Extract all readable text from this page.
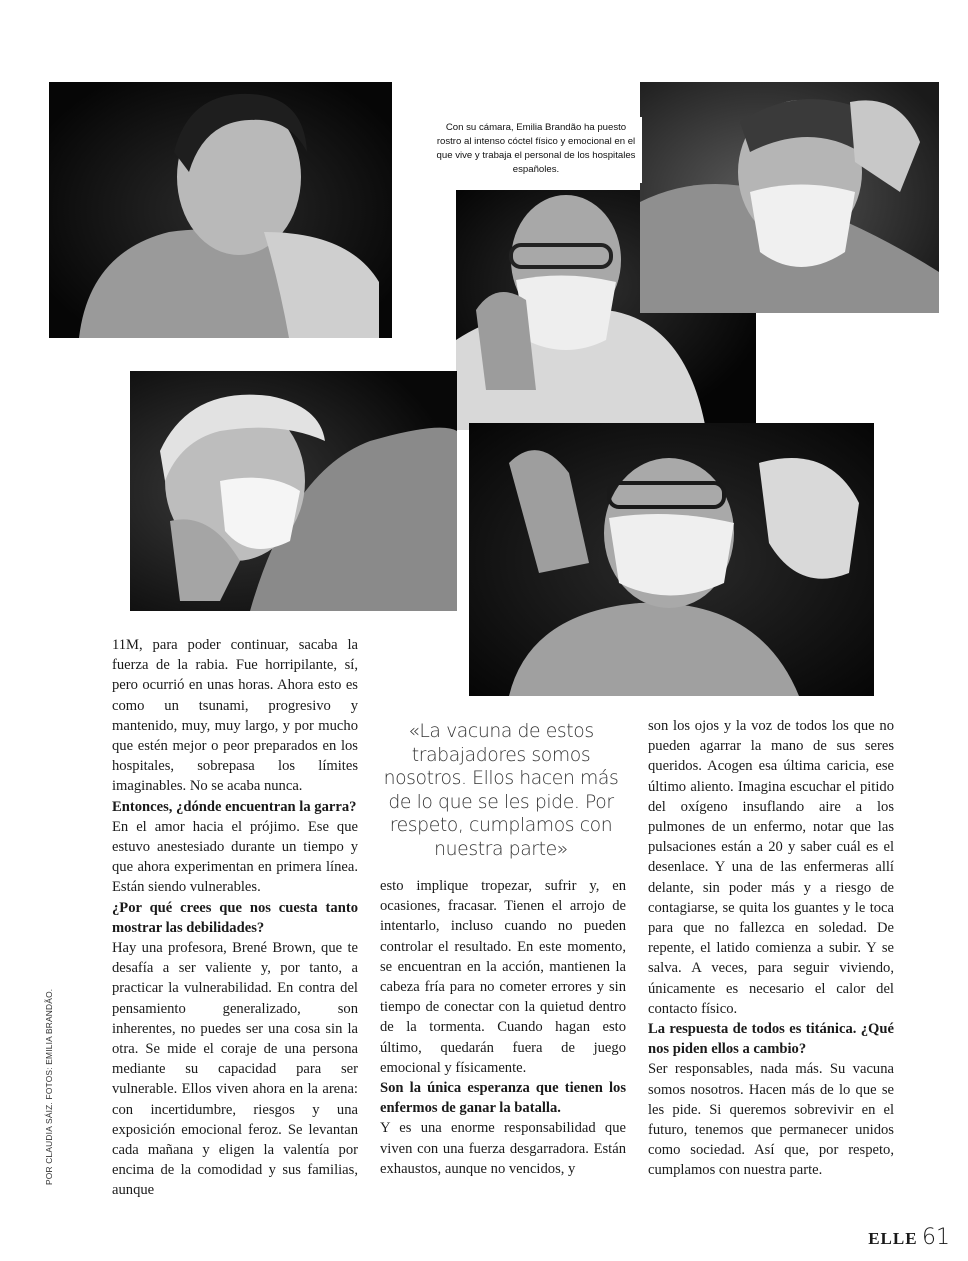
Con su cámara, Emilia Brandão ha puesto rostro al intenso cóctel físico y emocional en el que vive y trabaja el personal de los hospitales españoles.

11M, para poder continuar, sacaba la fuerza de la rabia. Fue horripilante, sí, pero ocurrió en unas horas. Ahora esto es como un tsunami, progresivo y mantenido, muy, muy largo, y por mucho que estén mejor o peor preparados en los hospitales, sobrepasa los límites imaginables. No se acaba nunca.

Entonces, ¿dónde encuentran la garra?

En el amor hacia el prójimo. Ese que estuvo anestesiado durante un tiempo y que ahora experimentan en primera línea. Están siendo vulnerables.

¿Por qué crees que nos cuesta tanto mostrar las debilidades?

Hay una profesora, Brené Brown, que te desafía a ser valiente y, por tanto, a practicar la vulnerabilidad. En contra del pensamiento generalizado, son inherentes, no puedes ser una cosa sin la otra. Se mide el coraje de una persona mediante su capacidad para ser vulnerable. Ellos viven ahora en la arena: con incertidumbre, riesgos y una exposición emocional feroz. Se levantan cada mañana y eligen la valentía por encima de la comodidad y sus familias, aunque

«La vacuna de estos trabajadores somos nosotros. Ellos hacen más de lo que se les pide. Por respeto, cumplamos con nuestra parte»

esto implique tropezar, sufrir y, en ocasiones, fracasar. Tienen el arrojo de intentarlo, incluso cuando no pueden controlar el resultado. En este momento, se encuentran en la acción, mantienen la cabeza fría para no cometer errores y sin tiempo de conectar con la quietud dentro de la tormenta. Cuando hagan esto último, quedarán fuera de juego emocional y físicamente.

Son la única esperanza que tienen los enfermos de ganar la batalla.

Y es una enorme responsabilidad que viven con una fuerza desgarradora. Están exhaustos, aunque no vencidos, y

son los ojos y la voz de todos los que no pueden agarrar la mano de sus seres queridos. Acogen esa última caricia, ese último aliento. Imagina escuchar el pitido del oxígeno insuflando aire a los pulmones de un enfermo, notar que las pulsaciones están a 20 y saber cuál es el desenlace. Y una de las enfermeras allí delante, sin poder más y a riesgo de contagiarse, se quita los guantes y le toca para que no fallezca en soledad. De repente, el latido comienza a subir. Y se salva. A veces, para seguir viviendo, únicamente es necesario el calor del contacto físico.

La respuesta de todos es titánica. ¿Qué nos piden ellos a cambio?

Ser responsables, nada más. Su vacuna somos nosotros. Hacen más de lo que se les pide. Si queremos sobrevivir en el futuro, tenemos que permanecer unidos como sociedad. Así que, por respeto, cumplamos con nuestra parte.

POR CLAUDIA SÁIZ. FOTOS: EMILIA BRANDÃO.
ELLE 61
